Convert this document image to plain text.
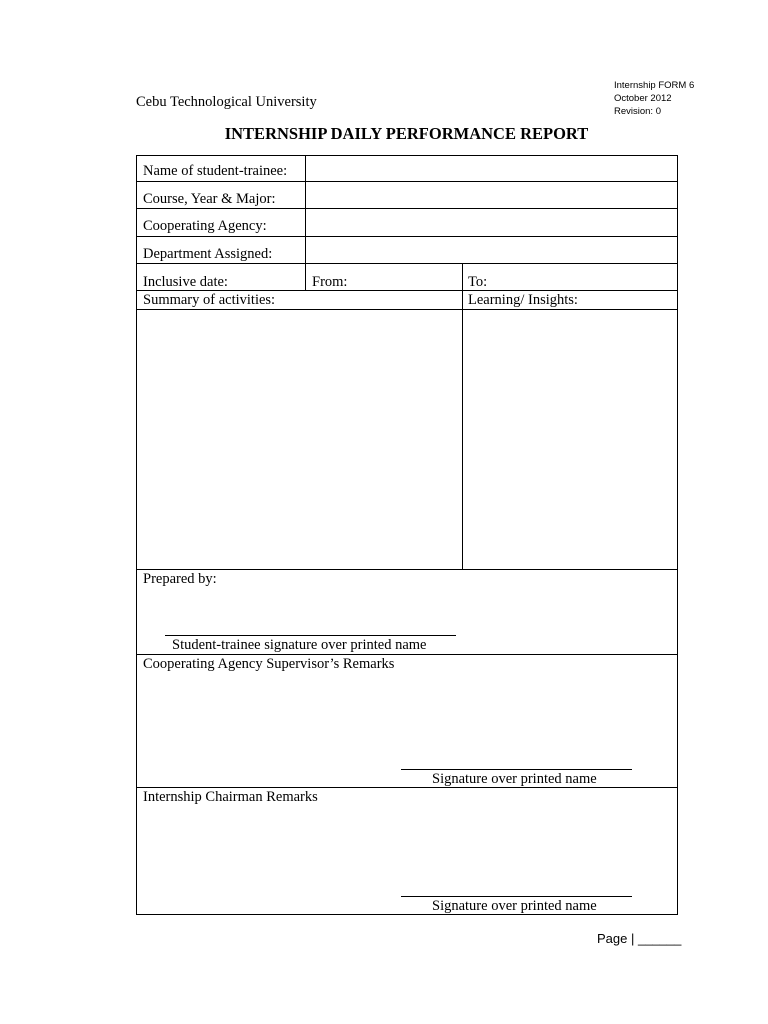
Internship FORM 6
October 2012
Revision: 0
Cebu Technological University
INTERNSHIP DAILY PERFORMANCE REPORT
Name of student-trainee:
Course, Year & Major:
Cooperating Agency:
Department Assigned:
Inclusive date:	From:	To:
Summary of activities:	Learning/ Insights:
Prepared by:
Student-trainee signature over printed name
Cooperating Agency Supervisor’s Remarks
Signature over printed name
Internship Chairman Remarks
Signature over printed name
Page | ______
